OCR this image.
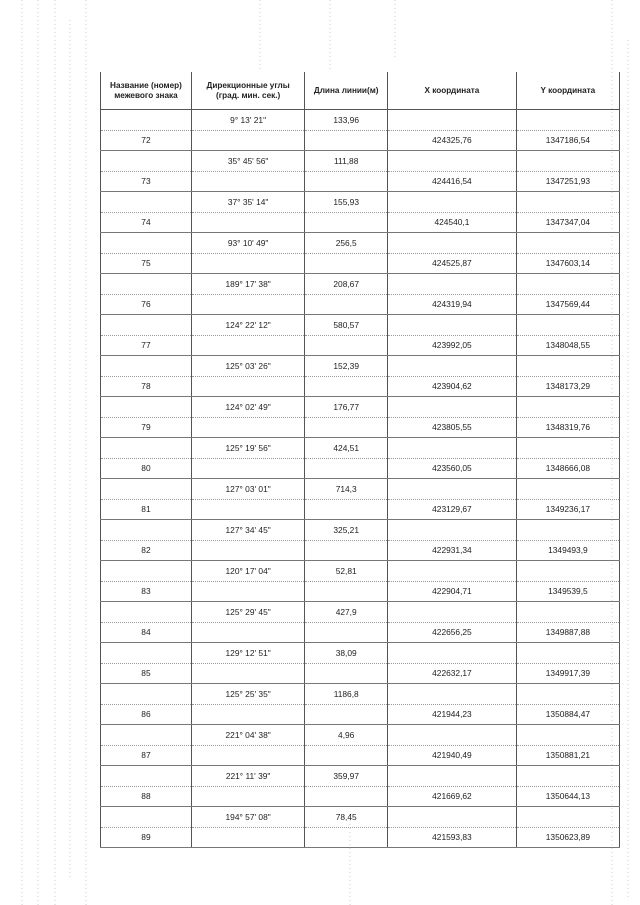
Название (номер) межевого знака	Дирекционные углы (град. мин. сек.)	Длина линии(м)	X координата	Y координата
	9° 13' 21"	133,96		
72			424325,76	1347186,54
	35° 45' 56"	111,88		
73			424416,54	1347251,93
	37° 35' 14"	155,93		
74			424540,1	1347347,04
	93° 10' 49"	256,5		
75			424525,87	1347603,14
	189° 17' 38"	208,67		
76			424319,94	1347569,44
	124° 22' 12"	580,57		
77			423992,05	1348048,55
	125° 03' 26"	152,39		
78			423904,62	1348173,29
	124° 02' 49"	176,77		
79			423805,55	1348319,76
	125° 19' 56"	424,51		
80			423560,05	1348666,08
	127° 03' 01"	714,3		
81			423129,67	1349236,17
	127° 34' 45"	325,21		
82			422931,34	1349493,9
	120° 17' 04"	52,81		
83			422904,71	1349539,5
	125° 29' 45"	427,9		
84			422656,25	1349887,88
	129° 12' 51"	38,09		
85			422632,17	1349917,39
	125° 25' 35"	1186,8		
86			421944,23	1350884,47
	221° 04' 38"	4,96		
87			421940,49	1350881,21
	221° 11' 39"	359,97		
88			421669,62	1350644,13
	194° 57' 08"	78,45		
89			421593,83	1350623,89
